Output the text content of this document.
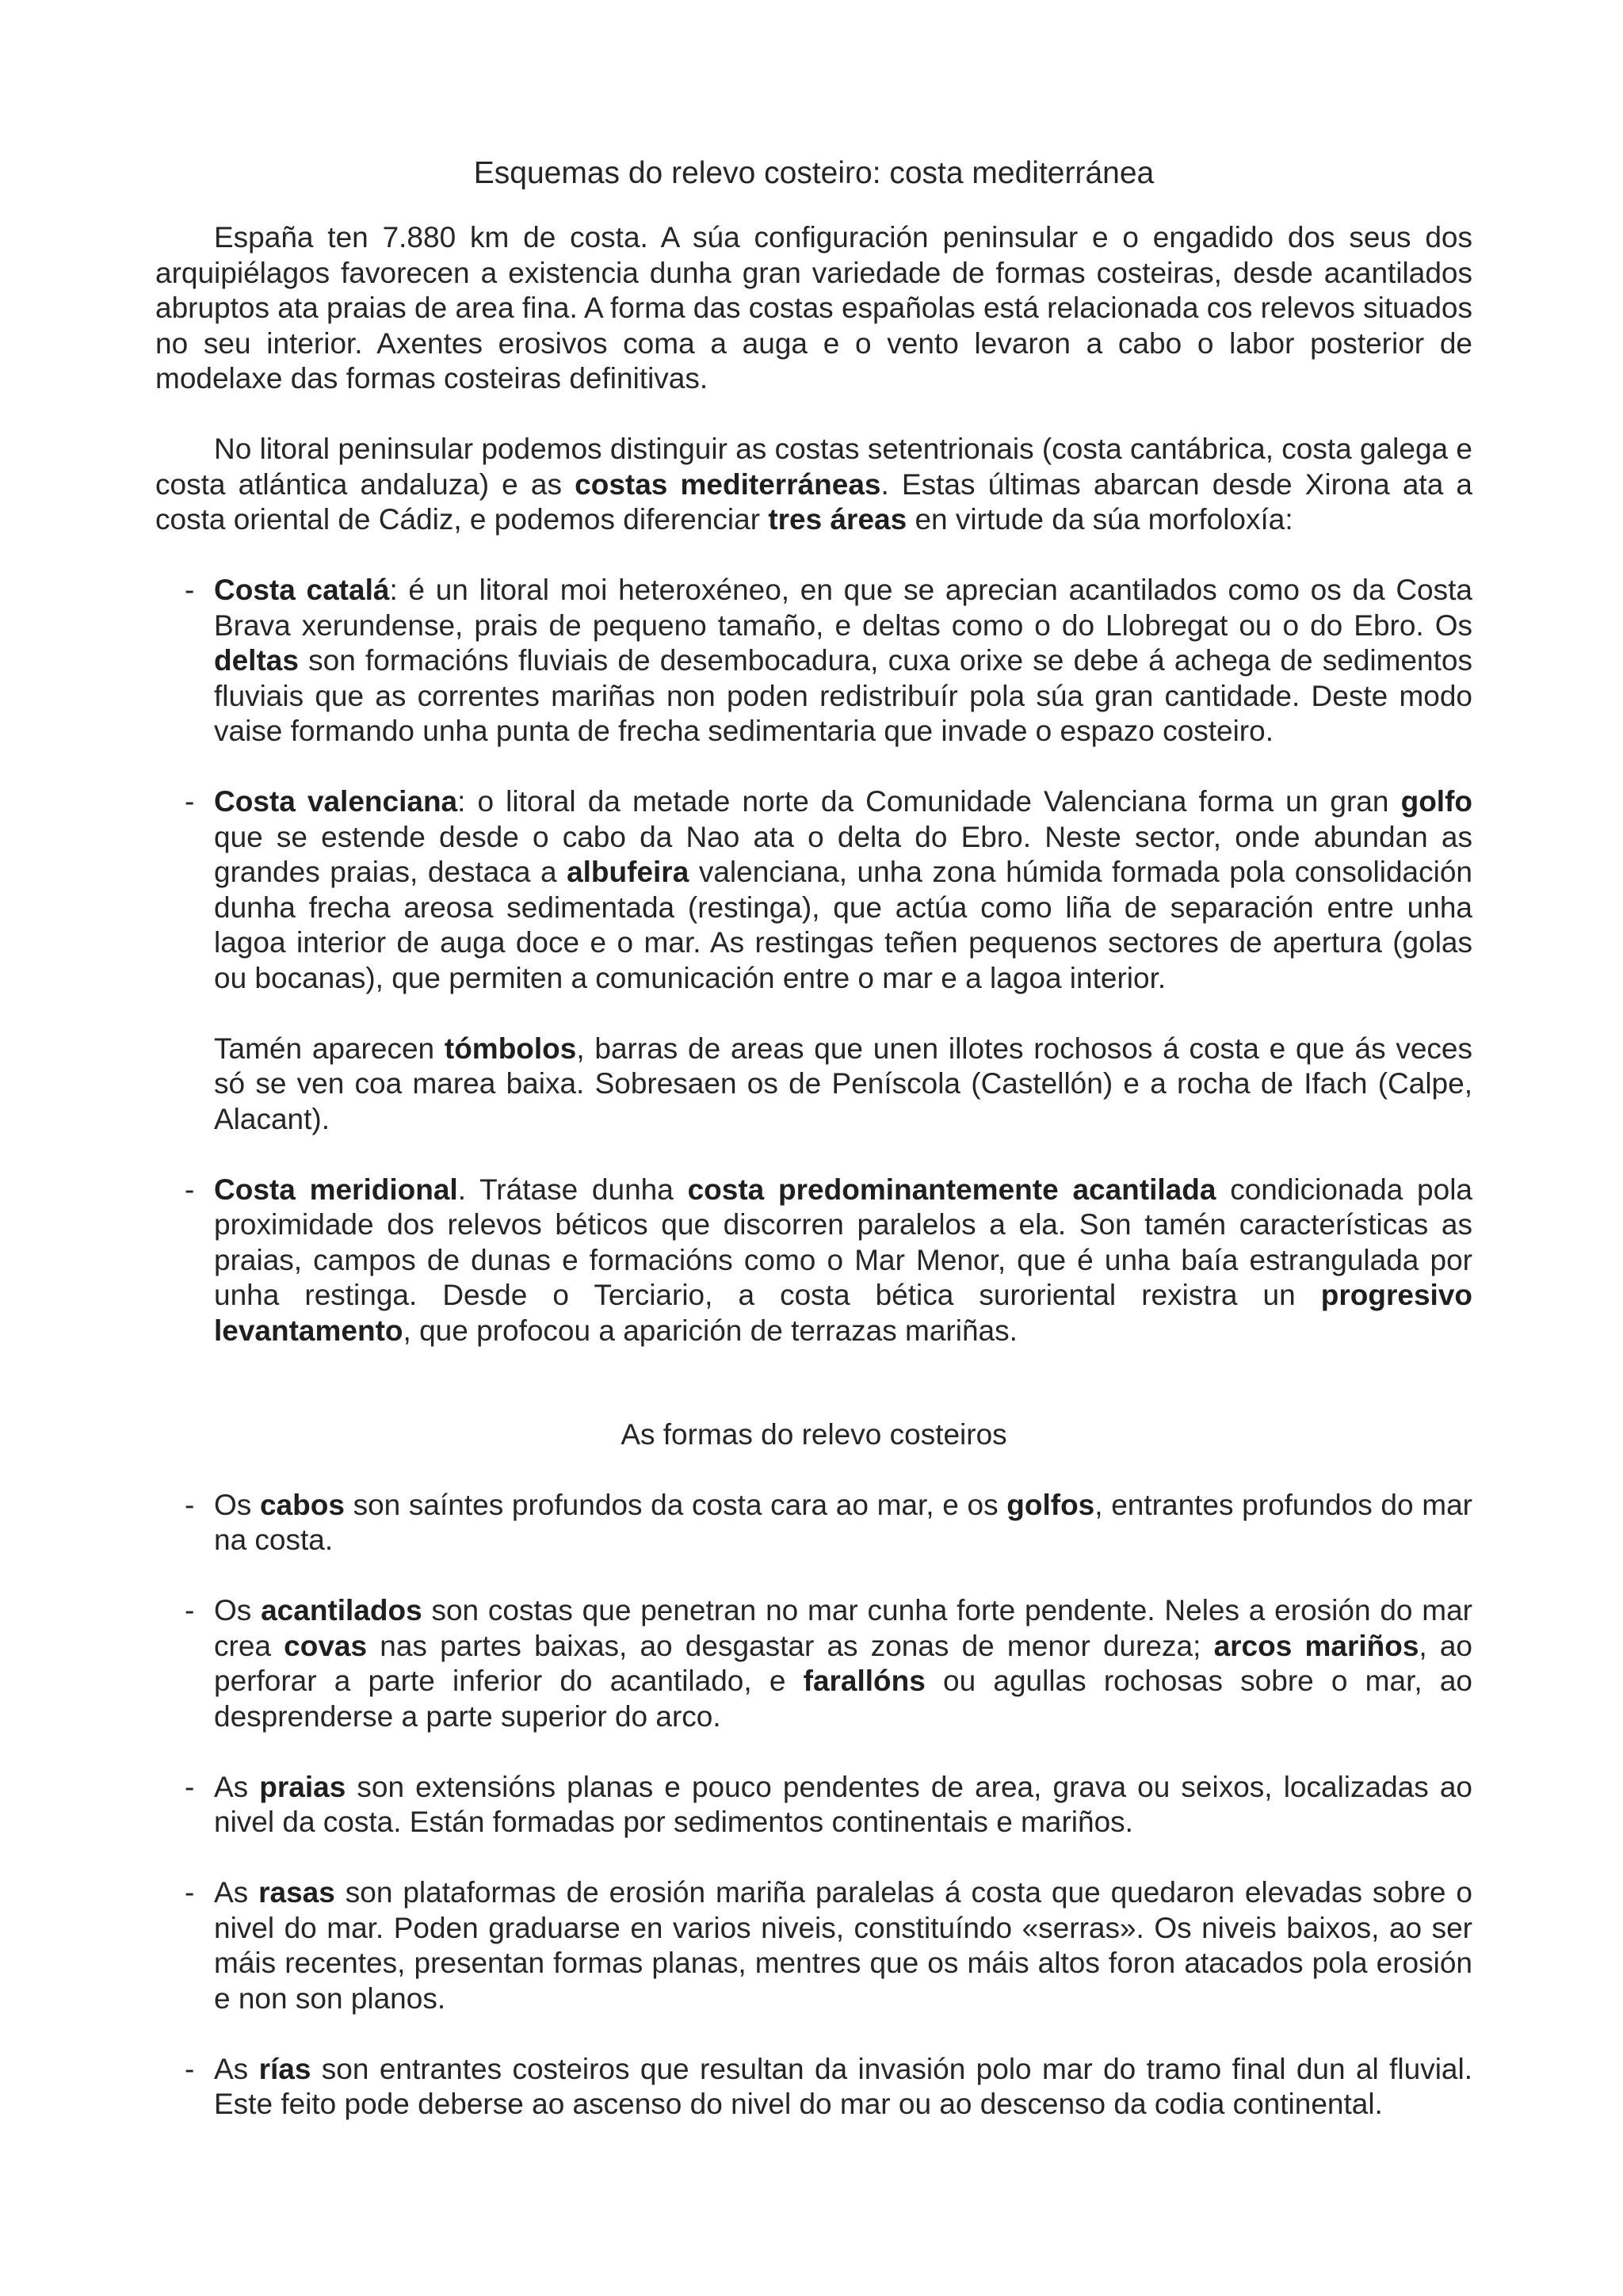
Esquemas do relevo costeiro: costa mediterránea

España ten 7.880 km de costa. A súa configuración peninsular e o engadido dos seus dos arquipiélagos favorecen a existencia dunha gran variedade de formas costeiras, desde acantilados abruptos ata praias de area fina. A forma das costas españolas está relacionada cos relevos situados no seu interior. Axentes erosivos coma a auga e o vento levaron a cabo o labor posterior de modelaxe das formas costeiras definitivas.

No litoral peninsular podemos distinguir as costas setentrionais (costa cantábrica, costa galega e costa atlántica andaluza) e as costas mediterráneas. Estas últimas abarcan desde Xirona ata a costa oriental de Cádiz, e podemos diferenciar tres áreas en virtude da súa morfoloxía:

- Costa catalá: é un litoral moi heteroxéneo, en que se aprecian acantilados como os da Costa Brava xerundense, prais de pequeno tamaño, e deltas como o do Llobregat ou o do Ebro. Os deltas son formacións fluviais de desembocadura, cuxa orixe se debe á achega de sedimentos fluviais que as correntes mariñas non poden redistribuír pola súa gran cantidade. Deste modo vaise formando unha punta de frecha sedimentaria que invade o espazo costeiro.
- Costa valenciana: o litoral da metade norte da Comunidade Valenciana forma un gran golfo que se estende desde o cabo da Nao ata o delta do Ebro. Neste sector, onde abundan as grandes praias, destaca a albufeira valenciana, unha zona húmida formada pola consolidación dunha frecha areosa sedimentada (restinga), que actúa como liña de separación entre unha lagoa interior de auga doce e o mar. As restingas teñen pequenos sectores de apertura (golas ou bocanas), que permiten a comunicación entre o mar e a lagoa interior.
Tamén aparecen tómbolos, barras de areas que unen illotes rochosos á costa e que ás veces só se ven coa marea baixa. Sobresaen os de Peníscola (Castellón) e a rocha de Ifach (Calpe, Alacant).
- Costa meridional. Trátase dunha costa predominantemente acantilada condicionada pola proximidade dos relevos béticos que discorren paralelos a ela. Son tamén características as praias, campos de dunas e formacións como o Mar Menor, que é unha baía estrangulada por unha restinga. Desde o Terciario, a costa bética suroriental rexistra un progresivo levantamento, que profocou a aparición de terrazas mariñas.
As formas do relevo costeiros
- Os cabos son saíntes profundos da costa cara ao mar, e os golfos, entrantes profundos do mar na costa.
- Os acantilados son costas que penetran no mar cunha forte pendente. Neles a erosión do mar crea covas nas partes baixas, ao desgastar as zonas de menor dureza; arcos mariños, ao perforar a parte inferior do acantilado, e farallóns ou agullas rochosas sobre o mar, ao desprenderse a parte superior do arco.
- As praias son extensións planas e pouco pendentes de area, grava ou seixos, localizadas ao nivel da costa. Están formadas por sedimentos continentais e mariños.
- As rasas son plataformas de erosión mariña paralelas á costa que quedaron elevadas sobre o nivel do mar. Poden graduarse en varios niveis, constituíndo «serras». Os niveis baixos, ao ser máis recentes, presentan formas planas, mentres que os máis altos foron atacados pola erosión e non son planos.
- As rías son entrantes costeiros que resultan da invasión polo mar do tramo final dun al fluvial. Este feito pode deberse ao ascenso do nivel do mar ou ao descenso da codia continental.
